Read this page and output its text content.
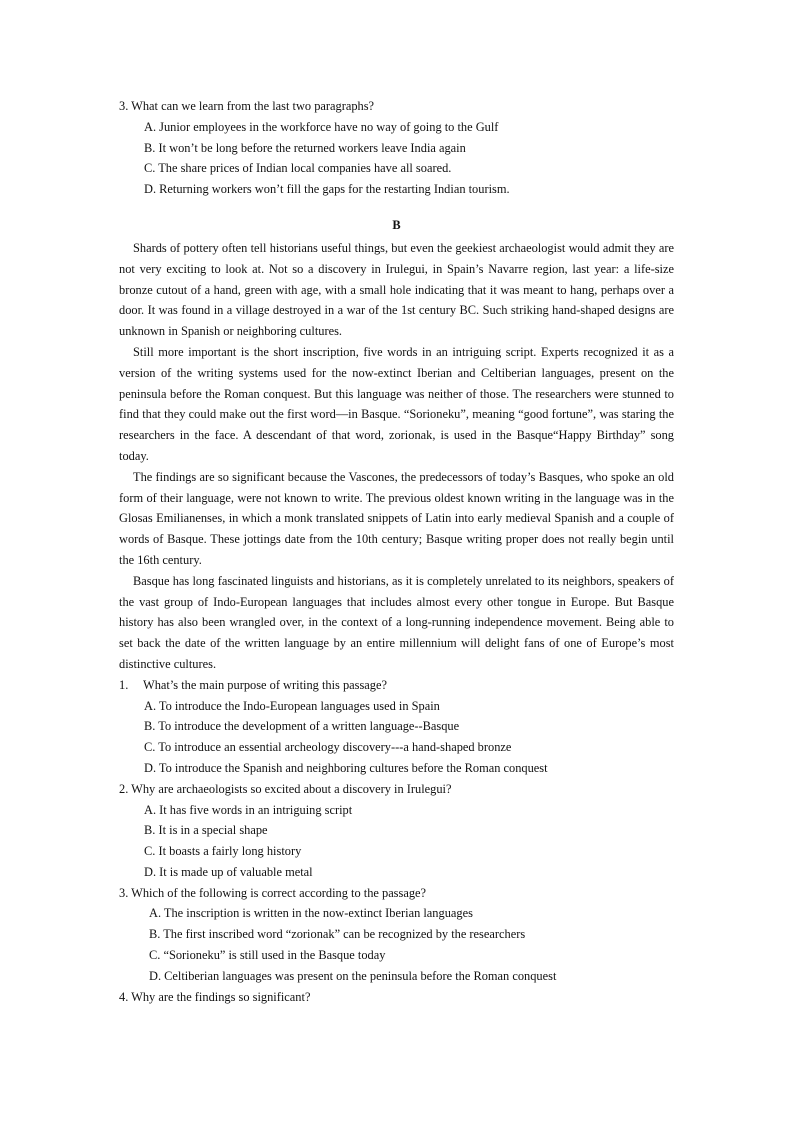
3. What can we learn from the last two paragraphs?
A. Junior employees in the workforce have no way of going to the Gulf
B. It won’t be long before the returned workers leave India again
C. The share prices of Indian local companies have all soared.
D. Returning workers won’t fill the gaps for the restarting Indian tourism.
B

Shards of pottery often tell historians useful things, but even the geekiest archaeologist would admit they are not very exciting to look at. Not so a discovery in Irulegui, in Spain’s Navarre region, last year: a life-size bronze cutout of a hand, green with age, with a small hole indicating that it was meant to hang, perhaps over a door. It was found in a village destroyed in a war of the 1st century BC. Such striking hand-shaped designs are unknown in Spanish or neighboring cultures.

Still more important is the short inscription, five words in an intriguing script. Experts recognized it as a version of the writing systems used for the now-extinct Iberian and Celtiberian languages, present on the peninsula before the Roman conquest. But this language was neither of those. The researchers were stunned to find that they could make out the first word—in Basque. “Sorioneku”, meaning “good fortune”, was staring the researchers in the face. A descendant of that word, zorionak, is used in the Basque“Happy Birthday” song today.

The findings are so significant because the Vascones, the predecessors of today’s Basques, who spoke an old form of their language, were not known to write. The previous oldest known writing in the language was in the Glosas Emilianenses, in which a monk translated snippets of Latin into early medieval Spanish and a couple of words of Basque. These jottings date from the 10th century; Basque writing proper does not really begin until the 16th century.

Basque has long fascinated linguists and historians, as it is completely unrelated to its neighbors, speakers of the vast group of Indo-European languages that includes almost every other tongue in Europe. But Basque history has also been wrangled over, in the context of a long-running independence movement. Being able to set back the date of the written language by an entire millennium will delight fans of one of Europe’s most distinctive cultures.

1. What’s the main purpose of writing this passage?
A. To introduce the Indo-European languages used in Spain
B. To introduce the development of a written language--Basque
C. To introduce an essential archeology discovery---a hand-shaped bronze
D. To introduce the Spanish and neighboring cultures before the Roman conquest
2. Why are archaeologists so excited about a discovery in Irulegui?
A. It has five words in an intriguing script
B. It is in a special shape
C. It boasts a fairly long history
D. It is made up of valuable metal
3. Which of the following is correct according to the passage?
A. The inscription is written in the now-extinct Iberian languages
B. The first inscribed word “zorionak” can be recognized by the researchers
C. “Sorioneku” is still used in the Basque today
D. Celtiberian languages was present on the peninsula before the Roman conquest
4. Why are the findings so significant?
